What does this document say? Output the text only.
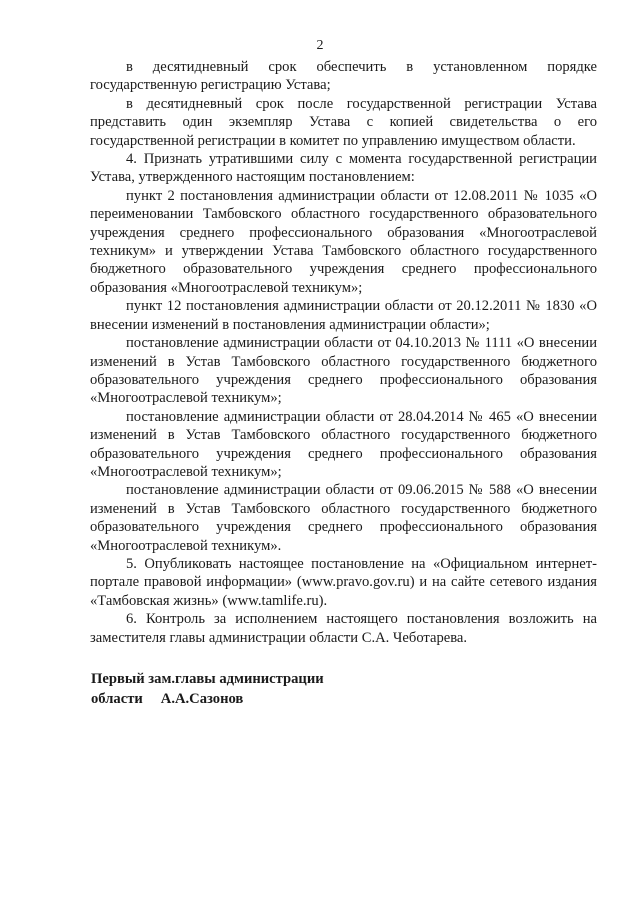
2

в десятидневный срок обеспечить в установленном порядке государственную регистрацию Устава;

в десятидневный срок после государственной регистрации Устава представить один экземпляр Устава с копией свидетельства о его государственной регистрации в комитет по управлению имуществом области.

4. Признать утратившими силу с момента государственной регистрации Устава, утвержденного настоящим постановлением:

пункт 2 постановления администрации области от 12.08.2011 № 1035 «О переименовании Тамбовского областного государственного образовательного учреждения среднего профессионального образования «Многоотраслевой техникум» и утверждении Устава Тамбовского областного государственного бюджетного образовательного учреждения среднего профессионального образования «Многоотраслевой техникум»;

пункт 12 постановления администрации области от 20.12.2011 № 1830 «О внесении изменений в постановления администрации области»;

постановление администрации области от 04.10.2013 № 1111 «О внесении изменений в Устав Тамбовского областного государственного бюджетного образовательного учреждения среднего профессионального образования «Многоотраслевой техникум»;

постановление администрации области от 28.04.2014 № 465 «О внесении изменений в Устав Тамбовского областного государственного бюджетного образовательного учреждения среднего профессионального образования «Многоотраслевой техникум»;

постановление администрации области от 09.06.2015 № 588 «О внесении изменений в Устав Тамбовского областного государственного бюджетного образовательного учреждения среднего профессионального образования «Многоотраслевой техникум».

5. Опубликовать настоящее постановление на «Официальном интернет-портале правовой информации» (www.pravo.gov.ru) и на сайте сетевого издания «Тамбовская жизнь» (www.tamlife.ru).

6. Контроль за исполнением настоящего постановления возложить на заместителя главы администрации области С.А. Чеботарева.

Первый зам.главы администрации
области А.А.Сазонов
